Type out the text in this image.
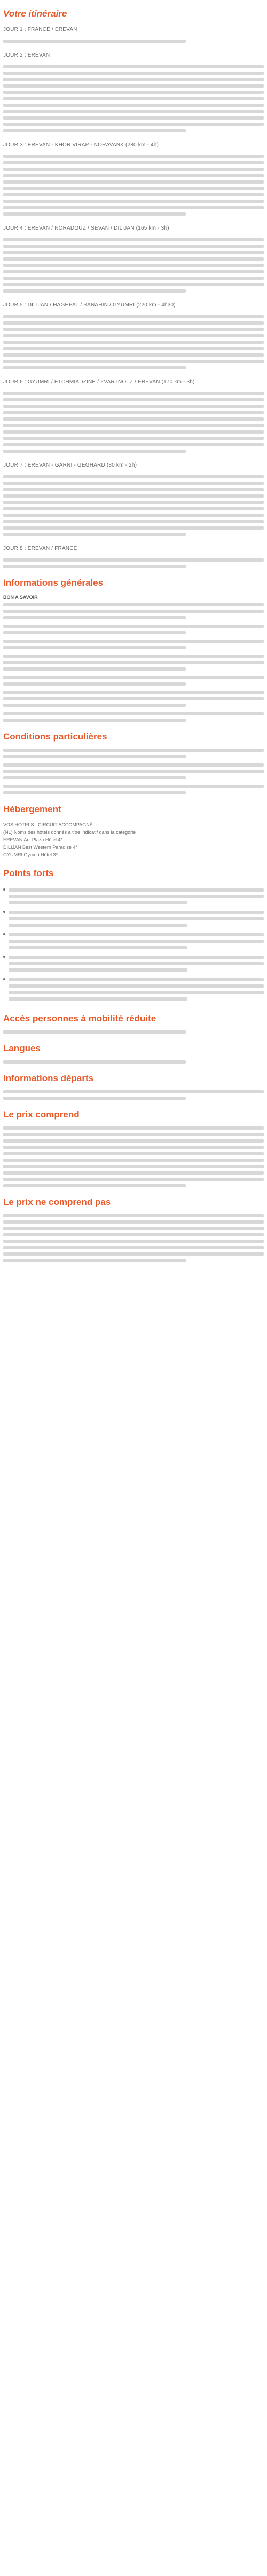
Votre itinéraire
JOUR 1 : FRANCE / EREVAN
JOUR 2 : EREVAN
JOUR 3 : EREVAN - KHOR VIRAP - NORAVANK (280 km - 4h)
JOUR 4 : EREVAN / NORADOUZ / SEVAN / DILIJAN (165 km - 3h)
JOUR 5 : DILIJAN / HAGHPAT / SANAHIN / GYUMRI (220 km - 4h30)
JOUR 6 : GYUMRI / ETCHMIADZINE / ZVARTNOTZ / EREVAN (170 km - 3h)
JOUR 7 : EREVAN - GARNI - GEGHARD (80 km - 2h)
JOUR 8 : EREVAN / FRANCE
Informations générales
BON A SAVOIR
Conditions particulières
Hébergement
VOS HOTELS : CIRCUIT ACCOMPAGNÉ
(NL) Noms des hôtels donnés à titre indicatif dans la catégorie
EREVAN Ani Plaza Hôtel 4*
DILIJAN Best Western Paradise 4*
GYUMRI Gyumri Hôtel 3*
Points forts
Accès personnes à mobilité réduite
Langues
Informations départs
Le prix comprend
Le prix ne comprend pas
